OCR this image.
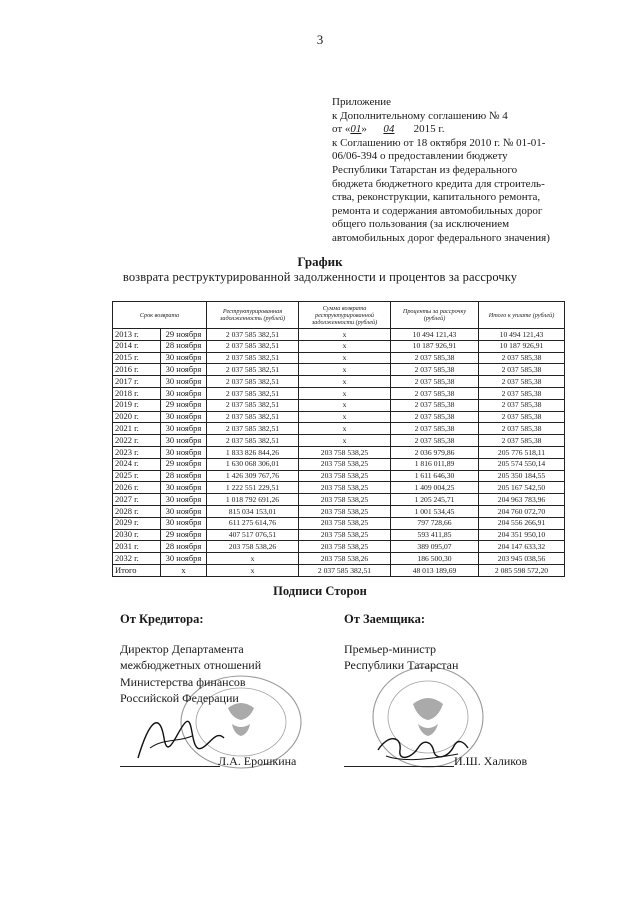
3
Приложение
к Дополнительному соглашению № 4
от «01» 04 2015 г.
к Соглашению от 18 октября 2010 г. № 01-01-
06/06-394 о предоставлении бюджету
Республики Татарстан из федерального
бюджета бюджетного кредита для строитель-
ства, реконструкции, капитального ремонта,
ремонта и содержания автомобильных дорог
общего пользования (за исключением
автомобильных дорог федерального значения)
График
возврата реструктурированной задолженности и процентов за рассрочку
Срок возврата		Реструктурированная задолженность (рублей)	Сумма возврата реструктурированной задолженности (рублей)	Проценты за рассрочку (рублей)	Итого к уплате (рублей)
2013 г.	29 ноября	2 037 585 382,51	x	10 494 121,43	10 494 121,43
2014 г.	28 ноября	2 037 585 382,51	x	10 187 926,91	10 187 926,91
2015 г.	30 ноября	2 037 585 382,51	x	2 037 585,38	2 037 585,38
2016 г.	30 ноября	2 037 585 382,51	x	2 037 585,38	2 037 585,38
2017 г.	30 ноября	2 037 585 382,51	x	2 037 585,38	2 037 585,38
2018 г.	30 ноября	2 037 585 382,51	x	2 037 585,38	2 037 585,38
2019 г.	29 ноября	2 037 585 382,51	x	2 037 585,38	2 037 585,38
2020 г.	30 ноября	2 037 585 382,51	x	2 037 585,38	2 037 585,38
2021 г.	30 ноября	2 037 585 382,51	x	2 037 585,38	2 037 585,38
2022 г.	30 ноября	2 037 585 382,51	x	2 037 585,38	2 037 585,38
2023 г.	30 ноября	1 833 826 844,26	203 758 538,25	2 036 979,86	205 776 518,11
2024 г.	29 ноября	1 630 068 306,01	203 758 538,25	1 816 011,89	205 574 550,14
2025 г.	28 ноября	1 426 309 767,76	203 758 538,25	1 611 646,30	205 350 184,55
2026 г.	30 ноября	1 222 551 229,51	203 758 538,25	1 409 004,25	205 167 542,50
2027 г.	30 ноября	1 018 792 691,26	203 758 538,25	1 205 245,71	204 963 783,96
2028 г.	30 ноября	815 034 153,01	203 758 538,25	1 001 534,45	204 760 072,70
2029 г.	30 ноября	611 275 614,76	203 758 538,25	797 728,66	204 556 266,91
2030 г.	29 ноября	407 517 076,51	203 758 538,25	593 411,85	204 351 950,10
2031 г.	28 ноября	203 758 538,26	203 758 538,25	389 095,07	204 147 633,32
2032 г.	30 ноября	x	203 758 538,26	186 500,30	203 945 038,56
Итого	x	x	2 037 585 382,51	48 013 189,69	2 085 598 572,20
Подписи Сторон
От Кредитора:
Директор Департамента
межбюджетных отношений
Министерства финансов
Российской Федерации
От Заемщика:
Премьер-министр
Республики Татарстан
Л.А. Ерошкина	И.Ш. Халиков
